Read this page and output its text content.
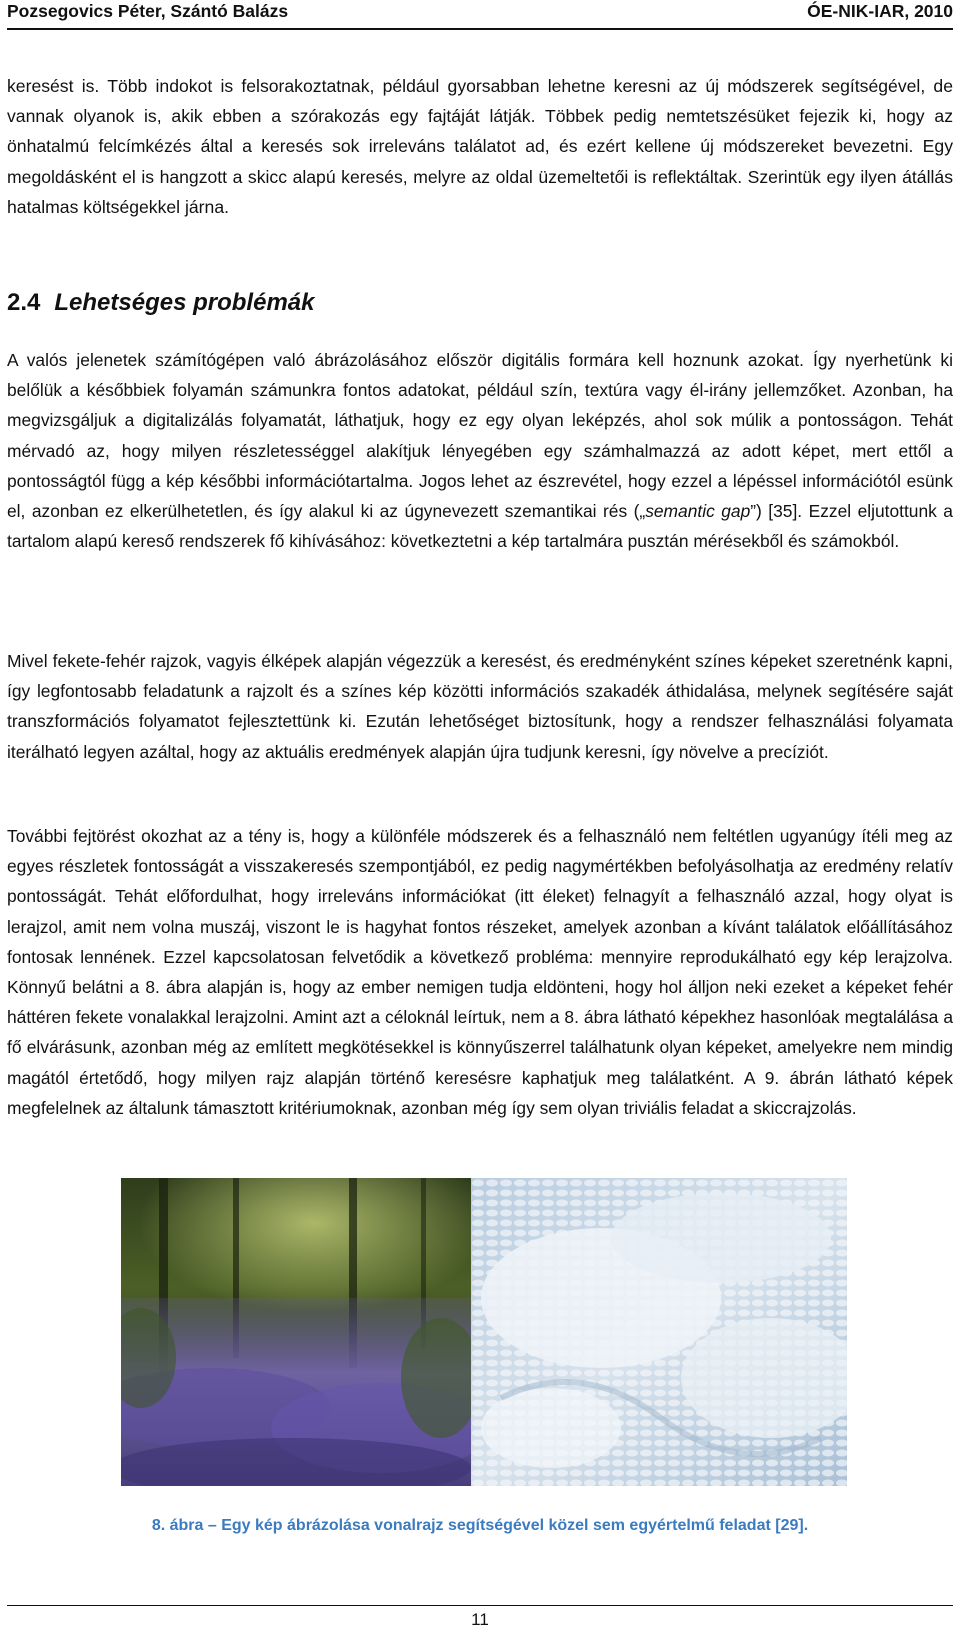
Pozsegovics Péter, Szántó Balázs	ÓE-NIK-IAR, 2010

keresést is. Több indokot is felsorakoztatnak, például gyorsabban lehetne keresni az új módszerek segítségével, de vannak olyanok is, akik ebben a szórakozás egy fajtáját látják. Többek pedig nemtetszésüket fejezik ki, hogy az önhatalmú felcímkézés által a keresés sok irreleváns találatot ad, és ezért kellene új módszereket bevezetni. Egy megoldásként el is hangzott a skicc alapú keresés, melyre az oldal üzemeltetői is reflektáltak. Szerintük egy ilyen átállás hatalmas költségekkel járna.

2.4 Lehetséges problémák

A valós jelenetek számítógépen való ábrázolásához először digitális formára kell hoznunk azokat. Így nyerhetünk ki belőlük a későbbiek folyamán számunkra fontos adatokat, például szín, textúra vagy él-irány jellemzőket. Azonban, ha megvizsgáljuk a digitalizálás folyamatát, láthatjuk, hogy ez egy olyan leképzés, ahol sok múlik a pontosságon. Tehát mérvadó az, hogy milyen részletességgel alakítjuk lényegében egy számhalmazzá az adott képet, mert ettől a pontosságtól függ a kép későbbi információtartalma. Jogos lehet az észrevétel, hogy ezzel a lépéssel információtól esünk el, azonban ez elkerülhetetlen, és így alakul ki az úgynevezett szemantikai rés („semantic gap”) [35]. Ezzel eljutottunk a tartalom alapú kereső rendszerek fő kihívásához: következtetni a kép tartalmára pusztán mérésekből és számokból.

Mivel fekete-fehér rajzok, vagyis élképek alapján végezzük a keresést, és eredményként színes képeket szeretnénk kapni, így legfontosabb feladatunk a rajzolt és a színes kép közötti információs szakadék áthidalása, melynek segítésére saját transzformációs folyamatot fejlesztettünk ki. Ezután lehetőséget biztosítunk, hogy a rendszer felhasználási folyamata iterálható legyen azáltal, hogy az aktuális eredmények alapján újra tudjunk keresni, így növelve a precíziót.

További fejtörést okozhat az a tény is, hogy a különféle módszerek és a felhasználó nem feltétlen ugyanúgy ítéli meg az egyes részletek fontosságát a visszakeresés szempontjából, ez pedig nagymértékben befolyásolhatja az eredmény relatív pontosságát. Tehát előfordulhat, hogy irreleváns információkat (itt éleket) felnagyít a felhasználó azzal, hogy olyat is lerajzol, amit nem volna muszáj, viszont le is hagyhat fontos részeket, amelyek azonban a kívánt találatok előállításához fontosak lennének. Ezzel kapcsolatosan felvetődik a következő probléma: mennyire reprodukálható egy kép lerajzolva. Könnyű belátni a 8. ábra alapján is, hogy az ember nemigen tudja eldönteni, hogy hol álljon neki ezeket a képeket fehér háttéren fekete vonalakkal lerajzolni. Amint azt a céloknál leírtuk, nem a 8. ábra látható képekhez hasonlóak megtalálása a fő elvárásunk, azonban még az említett megkötésekkel is könnyűszerrel találhatunk olyan képeket, amelyekre nem mindig magától értetődő, hogy milyen rajz alapján történő keresésre kaphatjuk meg találatként. A 9. ábrán látható képek megfelelnek az általunk támasztott kritériumoknak, azonban még így sem olyan triviális feladat a skiccrajzolás.

8. ábra – Egy kép ábrázolása vonalrajz segítségével közel sem egyértelmű feladat [29].

11
